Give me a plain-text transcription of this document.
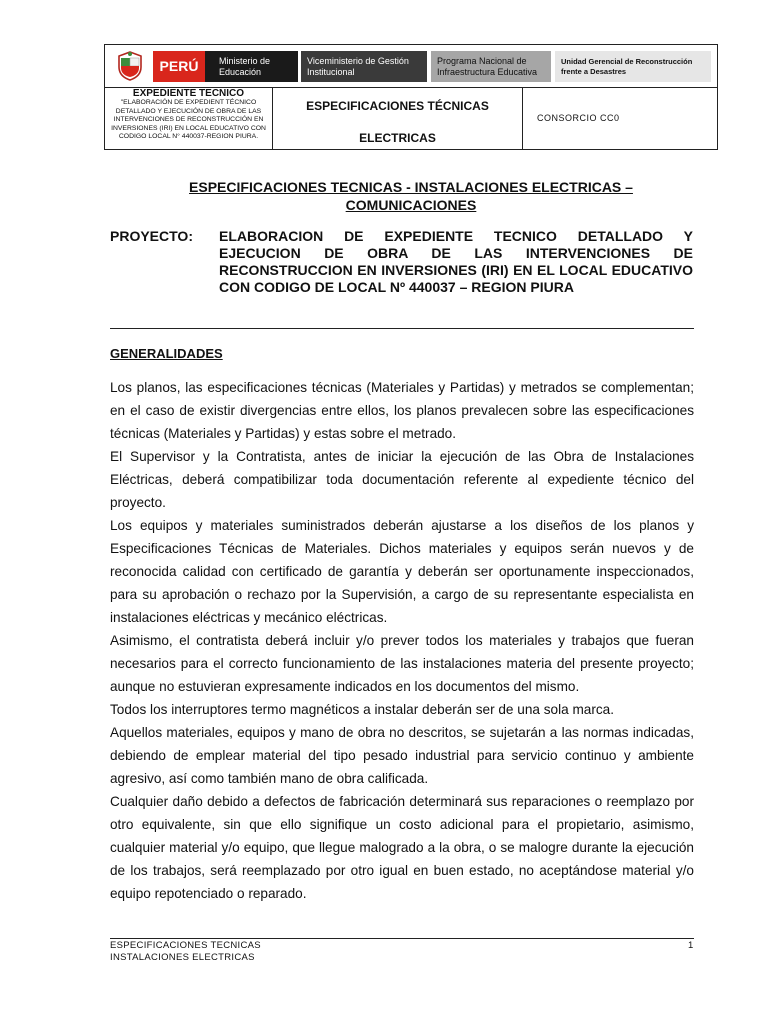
PERÚ	Ministerio de Educación
Viceministerio de Gestión Institucional
Programa Nacional de Infraestructura Educativa
Unidad Gerencial de Reconstrucción frente a Desastres
EXPEDIENTE TECNICO
"ELABORACIÓN DE EXPEDIENT TÉCNICO DETALLADO Y EJECUCIÓN DE OBRA DE LAS INTERVENCIONES DE RECONSTRUCCIÓN EN INVERSIONES (IRI) EN LOCAL EDUCATIVO CON CODIGO LOCAL N° 440037-REGION PIURA.
ESPECIFICACIONES TÉCNICAS
ELECTRICAS
CONSORCIO CC0
ESPECIFICACIONES TECNICAS - INSTALACIONES ELECTRICAS –
COMUNICACIONES
PROYECTO: ELABORACION DE EXPEDIENTE TECNICO DETALLADO Y EJECUCION DE OBRA DE LAS INTERVENCIONES DE RECONSTRUCCION EN INVERSIONES (IRI) EN EL LOCAL EDUCATIVO CON CODIGO DE LOCAL Nº 440037 – REGION PIURA
GENERALIDADES

Los planos, las especificaciones técnicas (Materiales y Partidas) y metrados se complementan; en el caso de existir divergencias entre ellos, los planos prevalecen sobre las especificaciones técnicas (Materiales y Partidas) y estas sobre el metrado.

El Supervisor y la Contratista, antes de iniciar la ejecución de las Obra de Instalaciones Eléctricas, deberá compatibilizar toda documentación referente al expediente técnico del proyecto.

Los equipos y materiales suministrados deberán ajustarse a los diseños de los planos y Especificaciones Técnicas de Materiales. Dichos materiales y equipos serán nuevos y de reconocida calidad con certificado de garantía y deberán ser oportunamente inspeccionados, para su aprobación o rechazo por la Supervisión, a cargo de su representante especialista en instalaciones eléctricas y mecánico eléctricas.

Asimismo, el contratista deberá incluir y/o prever todos los materiales y trabajos que fueran necesarios para el correcto funcionamiento de las instalaciones materia del presente proyecto; aunque no estuvieran expresamente indicados en los documentos del mismo.

Todos los interruptores termo magnéticos a instalar deberán ser de una sola marca.

Aquellos materiales, equipos y mano de obra no descritos, se sujetarán a las normas indicadas, debiendo de emplear material del tipo pesado industrial para servicio continuo y ambiente agresivo, así como también mano de obra calificada.

Cualquier daño debido a defectos de fabricación determinará sus reparaciones o reemplazo por otro equivalente, sin que ello signifique un costo adicional para el propietario, asimismo, cualquier material y/o equipo, que llegue malogrado a la obra, o se malogre durante la ejecución de los trabajos, será reemplazado por otro igual en buen estado, no aceptándose material y/o equipo repotenciado o reparado.

ESPECIFICACIONES TECNICAS
INSTALACIONES ELECTRICAS
1
